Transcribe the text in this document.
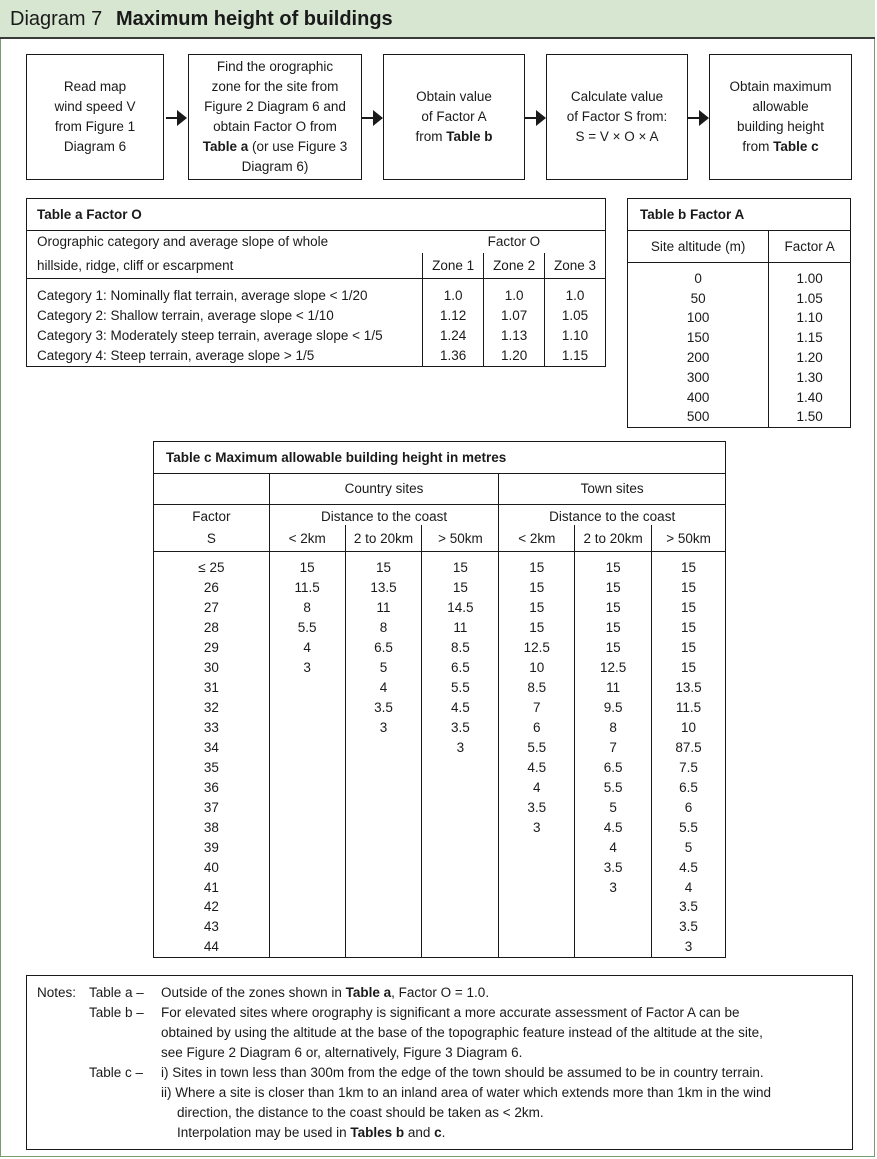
Diagram 7 Maximum height of buildings
Read map
wind speed V
from Figure 1
Diagram 6
Find the orographic
zone for the site from
Figure 2 Diagram 6 and
obtain Factor O from
Table a (or use Figure 3
Diagram 6)
Obtain value
of Factor A
from Table b
Calculate value
of Factor S from:
S = V × O × A
Obtain maximum
allowable
building height
from Table c
Table a Factor O			
Orographic category and average slope of whole	Factor O		
hillside, ridge, cliff or escarpment	Zone 1	Zone 2	Zone 3

Category 1: Nominally flat terrain, average slope < 1/20	1.0	1.0	1.0
Category 2: Shallow terrain, average slope < 1/10	1.12	1.07	1.05
Category 3: Moderately steep terrain, average slope < 1/5	1.24	1.13	1.10
Category 4: Steep terrain, average slope > 1/5	1.36	1.20	1.15

Table b Factor A	
Site altitude (m)	Factor A

0	1.00
50	1.05
100	1.10
150	1.15
200	1.20
300	1.30
400	1.40
500	1.50

Table c Maximum allowable building height in metres						
	Country sites			Town sites		
Factor	Distance to the coast			Distance to the coast		
S	< 2km	2 to 20km	> 50km	< 2km	2 to 20km	> 50km

≤ 25	15	15	15	15	15	15
26	11.5	13.5	15	15	15	15
27	8	11	14.5	15	15	15
28	5.5	8	11	15	15	15
29	4	6.5	8.5	12.5	15	15
30	3	5	6.5	10	12.5	15
31		4	5.5	8.5	11	13.5
32		3.5	4.5	7	9.5	11.5
33		3	3.5	6	8	10
34			3	5.5	7	87.5
35				4.5	6.5	7.5
36				4	5.5	6.5
37				3.5	5	6
38				3	4.5	5.5
39					4	5
40					3.5	4.5
41					3	4
42						3.5
43						3.5
44						3

Notes: Table a – Outside of the zones shown in Table a, Factor O = 1.0.
Table b – For elevated sites where orography is significant a more accurate assessment of Factor A can be
obtained by using the altitude at the base of the topographic feature instead of the altitude at the site,
see Figure 2 Diagram 6 or, alternatively, Figure 3 Diagram 6.
Table c – i) Sites in town less than 300m from the edge of the town should be assumed to be in country terrain.
ii) Where a site is closer than 1km to an inland area of water which extends more than 1km in the wind
direction, the distance to the coast should be taken as < 2km.
Interpolation may be used in Tables b and c.
